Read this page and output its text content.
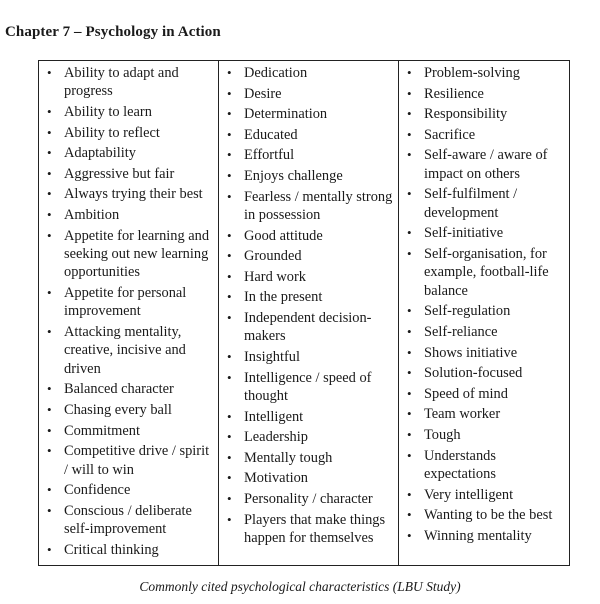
Chapter 7 – Psychology in Action
• Ability to adapt and progress
• Ability to learn
• Ability to reflect
• Adaptability
• Aggressive but fair
• Always trying their best
• Ambition
• Appetite for learning and seeking out new learning opportunities
• Appetite for personal improvement
• Attacking mentality, creative, incisive and driven
• Balanced character
• Chasing every ball
• Commitment
• Competitive drive / spirit / will to win
• Confidence
• Conscious / deliberate self-improvement
• Critical thinking

• Dedication
• Desire
• Determination
• Educated
• Effortful
• Enjoys challenge
• Fearless / mentally strong in possession
• Good attitude
• Grounded
• Hard work
• In the present
• Independent decision-makers
• Insightful
• Intelligence / speed of thought
• Intelligent
• Leadership
• Mentally tough
• Motivation
• Personality / character
• Players that make things happen for themselves

• Problem-solving
• Resilience
• Responsibility
• Sacrifice
• Self-aware / aware of impact on others
• Self-fulfilment / development
• Self-initiative
• Self-organisation, for example, football-life balance
• Self-regulation
• Self-reliance
• Shows initiative
• Solution-focused
• Speed of mind
• Team worker
• Tough
• Understands expectations
• Very intelligent
• Wanting to be the best
• Winning mentality
Commonly cited psychological characteristics (LBU Study)
